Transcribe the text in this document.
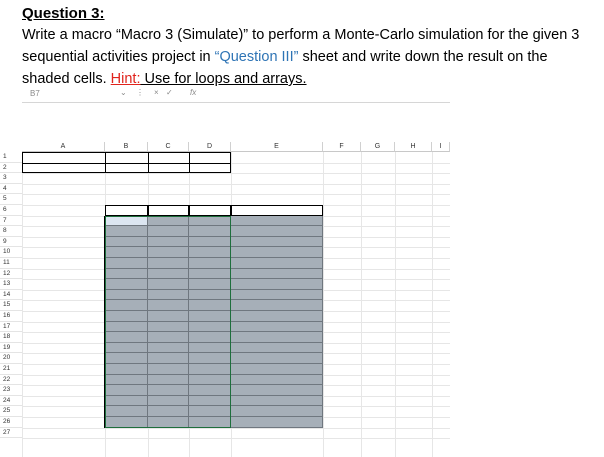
Question 3:
Write a macro “Macro 3 (Simulate)” to perform a Monte-Carlo simulation for the given 3 sequential activities project in “Question III” sheet and write down the result on the shaded cells. Hint: Use for loops and arrays.
B7	⌄ ⋮ × ✓ fx
A	B	C	D	E	F	G	H	I
1
2
3
4
5
6
7
8
9
10
11
12
13
14
15
16
17
18
19
20
21
22
23
24
25
26
27
